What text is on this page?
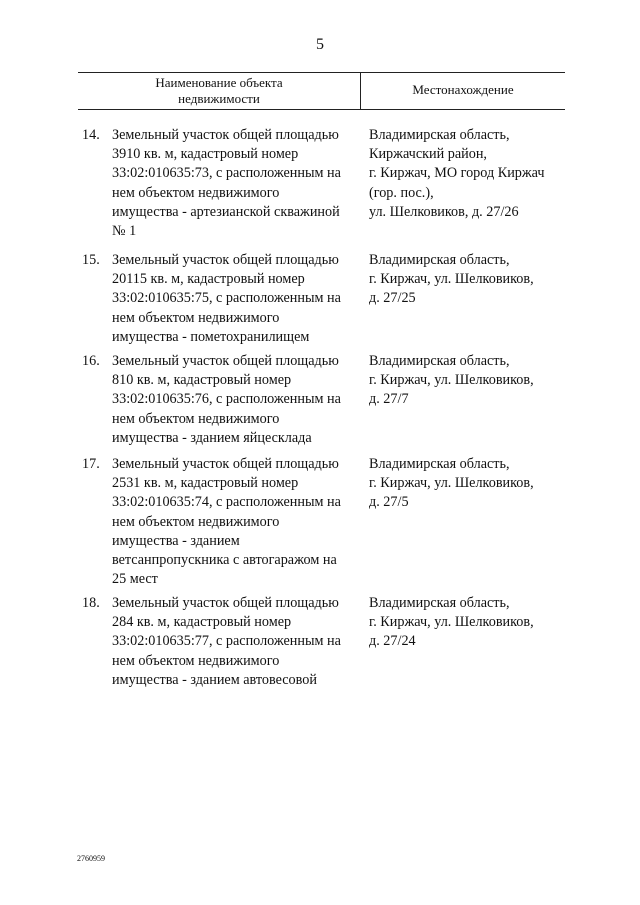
5
Наименование объекта
недвижимости
Местонахождение
14. Земельный участок общей площадью
3910 кв. м, кадастровый номер
33:02:010635:73, с расположенным на
нем объектом недвижимого
имущества - артезианской скважиной
№ 1
Владимирская область,
Киржачский район,
г. Киржач, МО город Киржач
(гор. пос.),
ул. Шелковиков, д. 27/26
15. Земельный участок общей площадью
20115 кв. м, кадастровый номер
33:02:010635:75, с расположенным на
нем объектом недвижимого
имущества - пометохранилищем
Владимирская область,
г. Киржач, ул. Шелковиков,
д. 27/25
16. Земельный участок общей площадью
810 кв. м, кадастровый номер
33:02:010635:76, с расположенным на
нем объектом недвижимого
имущества - зданием яйцесклада
Владимирская область,
г. Киржач, ул. Шелковиков,
д. 27/7
17. Земельный участок общей площадью
2531 кв. м, кадастровый номер
33:02:010635:74, с расположенным на
нем объектом недвижимого
имущества - зданием
ветсанпропускника с автогаражом на
25 мест
Владимирская область,
г. Киржач, ул. Шелковиков,
д. 27/5
18. Земельный участок общей площадью
284 кв. м, кадастровый номер
33:02:010635:77, с расположенным на
нем объектом недвижимого
имущества - зданием автовесовой
Владимирская область,
г. Киржач, ул. Шелковиков,
д. 27/24
2760959
